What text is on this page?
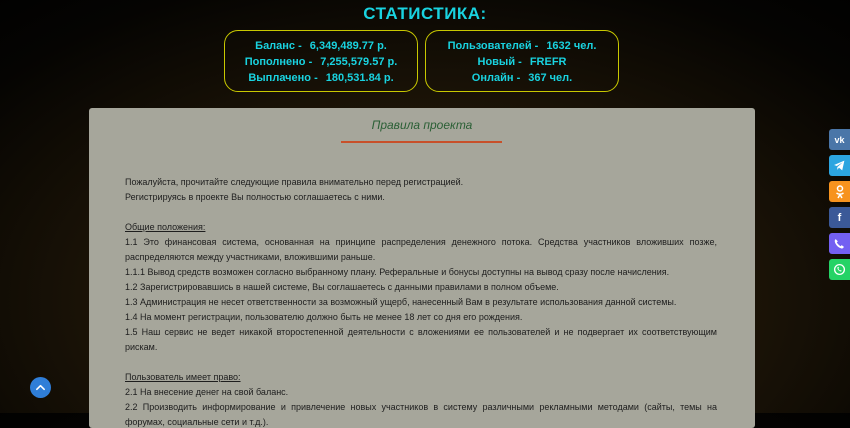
СТАТИСТИКА:
Баланс - 6,349,489.77 р.
Пополнено - 7,255,579.57 р.
Выплачено - 180,531.84 р.
Пользователей - 1632 чел.
Новый - FREFR
Онлайн - 367 чел.
Правила проекта

Пожалуйста, прочитайте следующие правила внимательно перед регистрацией.

Регистрируясь в проекте Вы полностью соглашаетесь с ними.

Общие положения:

1.1 Это финансовая система, основанная на принципе распределения денежного потока. Средства участников вложивших позже, распределяются между участниками, вложившими раньше.

1.1.1 Вывод средств возможен согласно выбранному плану. Реферальные и бонусы доступны на вывод сразу после начисления.

1.2 Зарегистрировавшись в нашей системе, Вы соглашаетесь с данными правилами в полном объеме.

1.3 Администрация не несет ответственности за возможный ущерб, нанесенный Вам в результате использования данной системы.

1.4 На момент регистрации, пользователю должно быть не менее 18 лет со дня его рождения.

1.5 Наш сервис не ведет никакой второстепенной деятельности с вложениями ее пользователей и не подвергает их соответствующим рискам.

Пользователь имеет право:

2.1 На внесение денег на свой баланс.

2.2 Производить информирование и привлечение новых участников в систему различными рекламными методами (сайты, темы на форумах, социальные сети и т.д.).

vk
f
